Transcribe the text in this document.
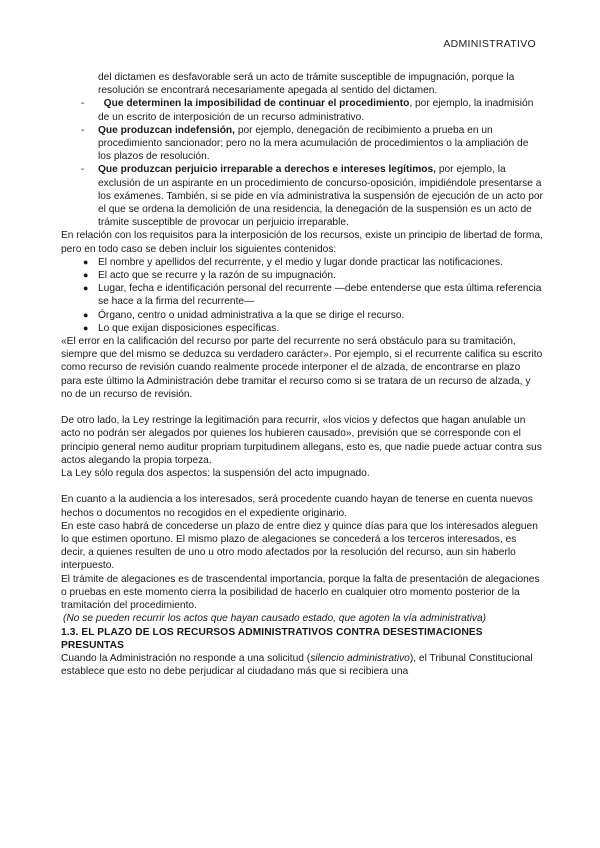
ADMINISTRATIVO

del dictamen es desfavorable será un acto de trámite susceptible de impugnación, porque la resolución se encontrará necesariamente apegada al sentido del dictamen.

- Que determinen la imposibilidad de continuar el procedimiento, por ejemplo, la inadmisión de un escrito de interposición de un recurso administrativo.
- Que produzcan indefensión, por ejemplo, denegación de recibimiento a prueba en un procedimiento sancionador; pero no la mera acumulación de procedimientos o la ampliación de los plazos de resolución.
- Que produzcan perjuicio irreparable a derechos e intereses legítimos, por ejemplo, la exclusión de un aspirante en un procedimiento de concurso-oposición, impidiéndole presentarse a los exámenes. También, si se pide en vía administrativa la suspensión de ejecución de un acto por el que se ordena la demolición de una residencia, la denegación de la suspensión es un acto de trámite susceptible de provocar un perjuicio irreparable.

En relación con los requisitos para la interposición de los recursos, existe un principio de libertad de forma, pero en todo caso se deben incluir los siguientes contenidos:

● El nombre y apellidos del recurrente, y el medio y lugar donde practicar las notificaciones.
● El acto que se recurre y la razón de su impugnación.
● Lugar, fecha e identificación personal del recurrente —debe entenderse que esta última referencia se hace a la firma del recurrente—
● Órgano, centro o unidad administrativa a la que se dirige el recurso.
● Lo que exijan disposiciones específicas.

«El error en la calificación del recurso por parte del recurrente no será obstáculo para su tramitación, siempre que del mismo se deduzca su verdadero carácter». Por ejemplo, si el recurrente califica su escrito como recurso de revisión cuando realmente procede interponer el de alzada, de encontrarse en plazo para este último la Administración debe tramitar el recurso como si se tratara de un recurso de alzada, y no de un recurso de revisión.

De otro lado, la Ley restringe la legitimación para recurrir, «los vicios y defectos que hagan anulable un acto no podrán ser alegados por quienes los hubieren causado», previsión que se corresponde con el principio general nemo auditur propriam turpitudinem allegans, esto es, que nadie puede actuar contra sus actos alegando la propia torpeza.

La Ley sólo regula dos aspectos: la suspensión del acto impugnado.

En cuanto a la audiencia a los interesados, será procedente cuando hayan de tenerse en cuenta nuevos hechos o documentos no recogidos en el expediente originario.

En este caso habrá de concederse un plazo de entre diez y quince días para que los interesados aleguen lo que estimen oportuno. El mismo plazo de alegaciones se concederá a los terceros interesados, es decir, a quienes resulten de uno u otro modo afectados por la resolución del recurso, aun sin haberlo interpuesto.

El trámite de alegaciones es de trascendental importancia, porque la falta de presentación de alegaciones o pruebas en este momento cierra la posibilidad de hacerlo en cualquier otro momento posterior de la tramitación del procedimiento.

(No se pueden recurrir los actos que hayan causado estado, que agoten la vía administrativa)

1.3. EL PLAZO DE LOS RECURSOS ADMINISTRATIVOS CONTRA DESESTIMACIONES PRESUNTAS

Cuando la Administración no responde a una solicitud (silencio administrativo), el Tribunal Constitucional establece que esto no debe perjudicar al ciudadano más que si recibiera una
